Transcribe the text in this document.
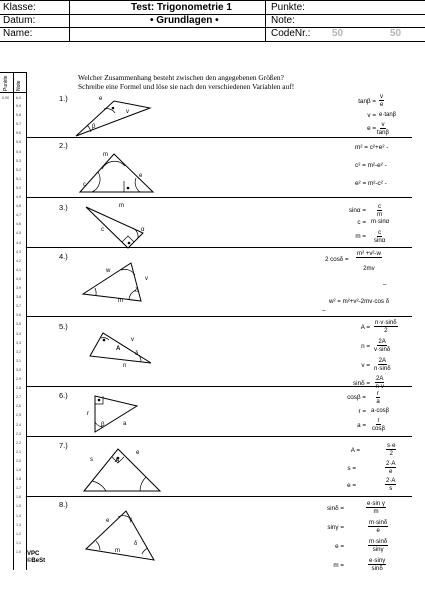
Klasse:
Datum:
Name:
Test: Trigonometrie 1
• Grundlagen •
Punkte:
Note:
CodeNr.: 50	50
Punkte Note
0,00 6,0
5,9
5,8
5,7
5,6
5,5
5,4
5,3
5,2
5,1
5,0
4,9
4,8
4,7
4,6
4,5
4,4
4,3
4,2
4,1
4,0
3,9
3,8
3,7
3,6
3,5
3,4
3,3
3,2
3,1
3,0
2,9
2,8
2,7
2,6
2,5
2,4
2,3
2,2
2,1
2,0
1,9
1,8
1,7
1,6
1,5
1,4
1,3
1,2
1,1
1,0
Welcher Zusammenhang besteht zwischen den angegebenen Größen?
Schreibe eine Formel und löse sie nach den verschiedenen Variablen auf!
1.)
2.)
3.)
4.)
5.)
6.)
7.)
8.)
e
v
β
$\tan\beta = \frac{v}{e}$
v = e·tanβ
$e = \frac{v}{\tan\beta}$
m
c
e
m² = c²+e² -
c² = m²-e² -
e² = m²-c² -
m
c	α
$\sin\alpha = \frac{c}{m}$
c = m·sinα
$m = \frac{c}{\sin\alpha}$
w
v
m
δ
2 $\cos\delta = \frac{\text{m² +v²-w}}{2mv}$
–
w² = m²+v²-2mv·cos δ
–
A
v
n
δ
$A = \frac{n\cdot v\cdot\sin\delta}{2}$
$n = \frac{2A}{v\cdot\sin\delta}$
$v = \frac{2A}{n\cdot\sin\delta}$
$\sin\delta = \frac{2A}{n\cdot v}$
r
a
β
$\cos\beta = \frac{r}{a}$
r = a·cosβ
$a = \frac{r}{\cos\beta}$
A
s
e	A =	$\frac{s\cdot e}{2}$
s =	$\frac{2\cdot A}{e}$
e =	$\frac{2\cdot A}{s}$
e	γ
δ
m
sinδ =	$\frac{\text{e·sin γ}}{m}$
sinγ =	$\frac{m\cdot\sin\delta}{e}$
e =	$\frac{m\cdot\sin\delta}{\sin\gamma}$
m =	$\frac{e\cdot\sin\gamma}{\sin\delta}$
VPC
©BeSt
